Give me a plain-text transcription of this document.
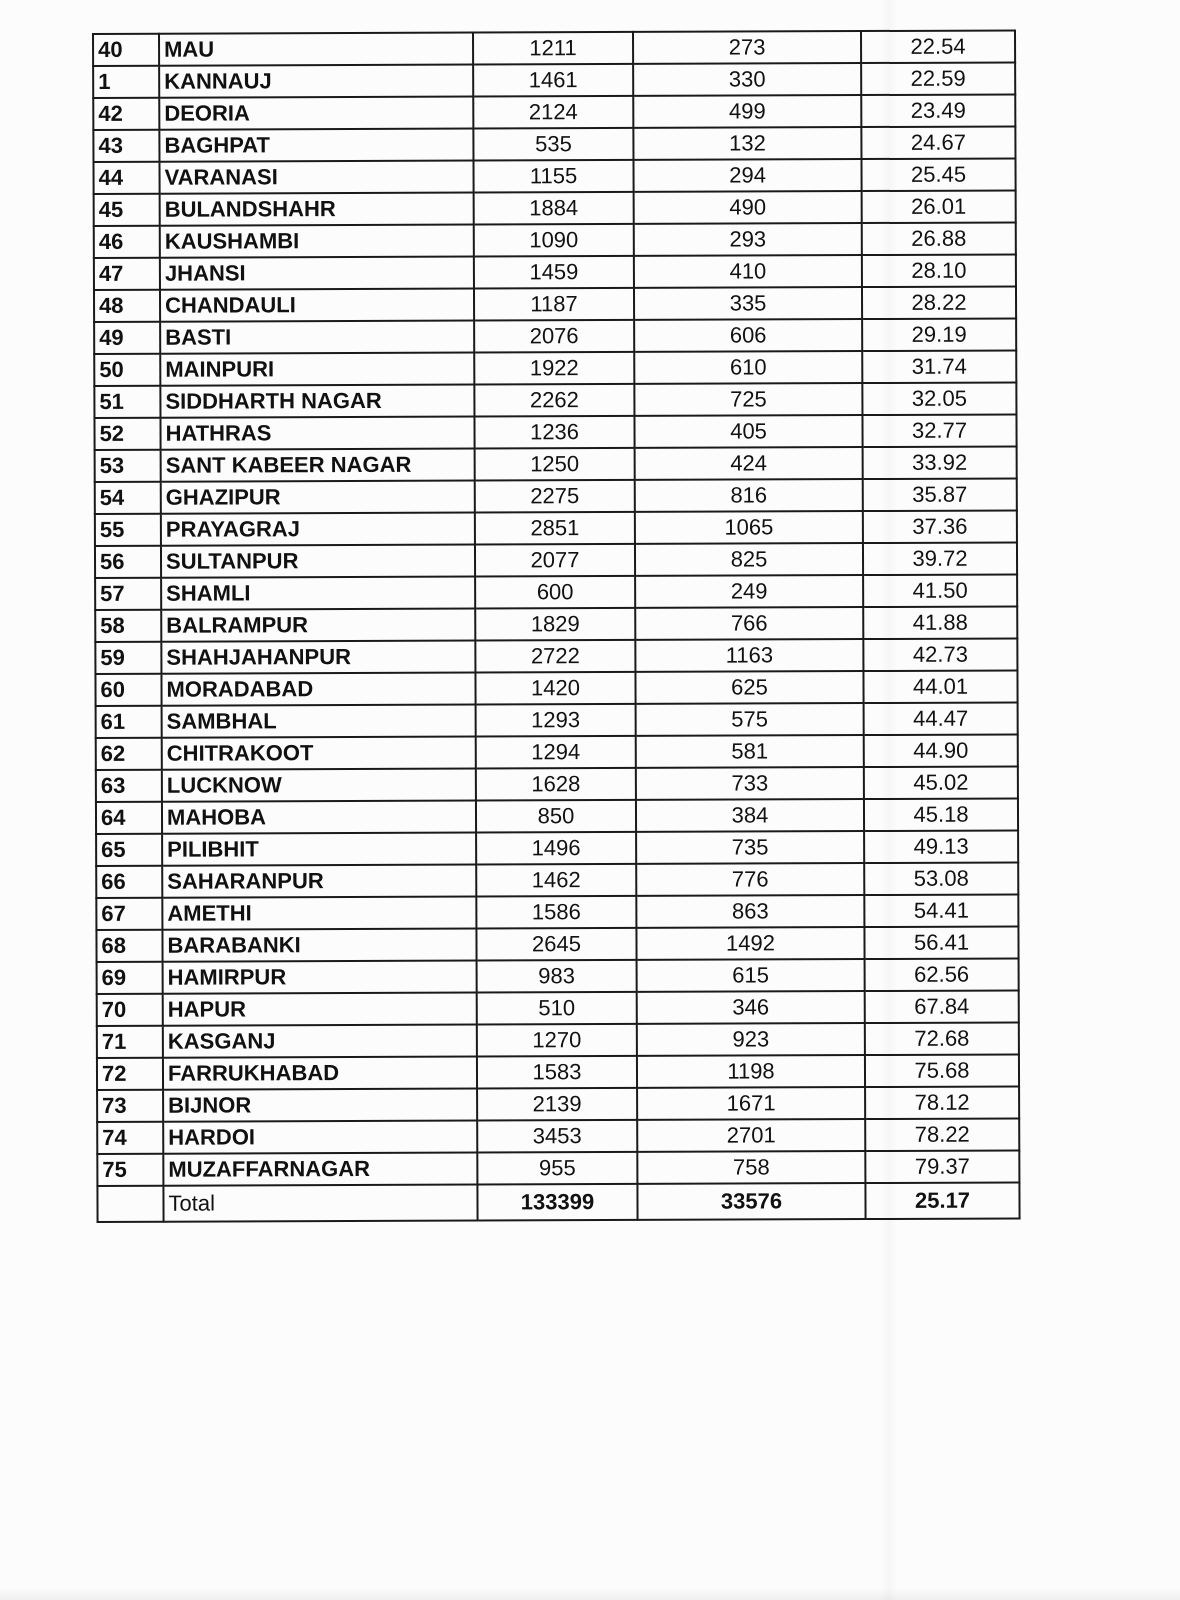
40	MAU	1211	273	22.54
1	KANNAUJ	1461	330	22.59
42	DEORIA	2124	499	23.49
43	BAGHPAT	535	132	24.67
44	VARANASI	1155	294	25.45
45	BULANDSHAHR	1884	490	26.01
46	KAUSHAMBI	1090	293	26.88
47	JHANSI	1459	410	28.10
48	CHANDAULI	1187	335	28.22
49	BASTI	2076	606	29.19
50	MAINPURI	1922	610	31.74
51	SIDDHARTH NAGAR	2262	725	32.05
52	HATHRAS	1236	405	32.77
53	SANT KABEER NAGAR	1250	424	33.92
54	GHAZIPUR	2275	816	35.87
55	PRAYAGRAJ	2851	1065	37.36
56	SULTANPUR	2077	825	39.72
57	SHAMLI	600	249	41.50
58	BALRAMPUR	1829	766	41.88
59	SHAHJAHANPUR	2722	1163	42.73
60	MORADABAD	1420	625	44.01
61	SAMBHAL	1293	575	44.47
62	CHITRAKOOT	1294	581	44.90
63	LUCKNOW	1628	733	45.02
64	MAHOBA	850	384	45.18
65	PILIBHIT	1496	735	49.13
66	SAHARANPUR	1462	776	53.08
67	AMETHI	1586	863	54.41
68	BARABANKI	2645	1492	56.41
69	HAMIRPUR	983	615	62.56
70	HAPUR	510	346	67.84
71	KASGANJ	1270	923	72.68
72	FARRUKHABAD	1583	1198	75.68
73	BIJNOR	2139	1671	78.12
74	HARDOI	3453	2701	78.22
75	MUZAFFARNAGAR	955	758	79.37
	Total	133399	33576	25.17
